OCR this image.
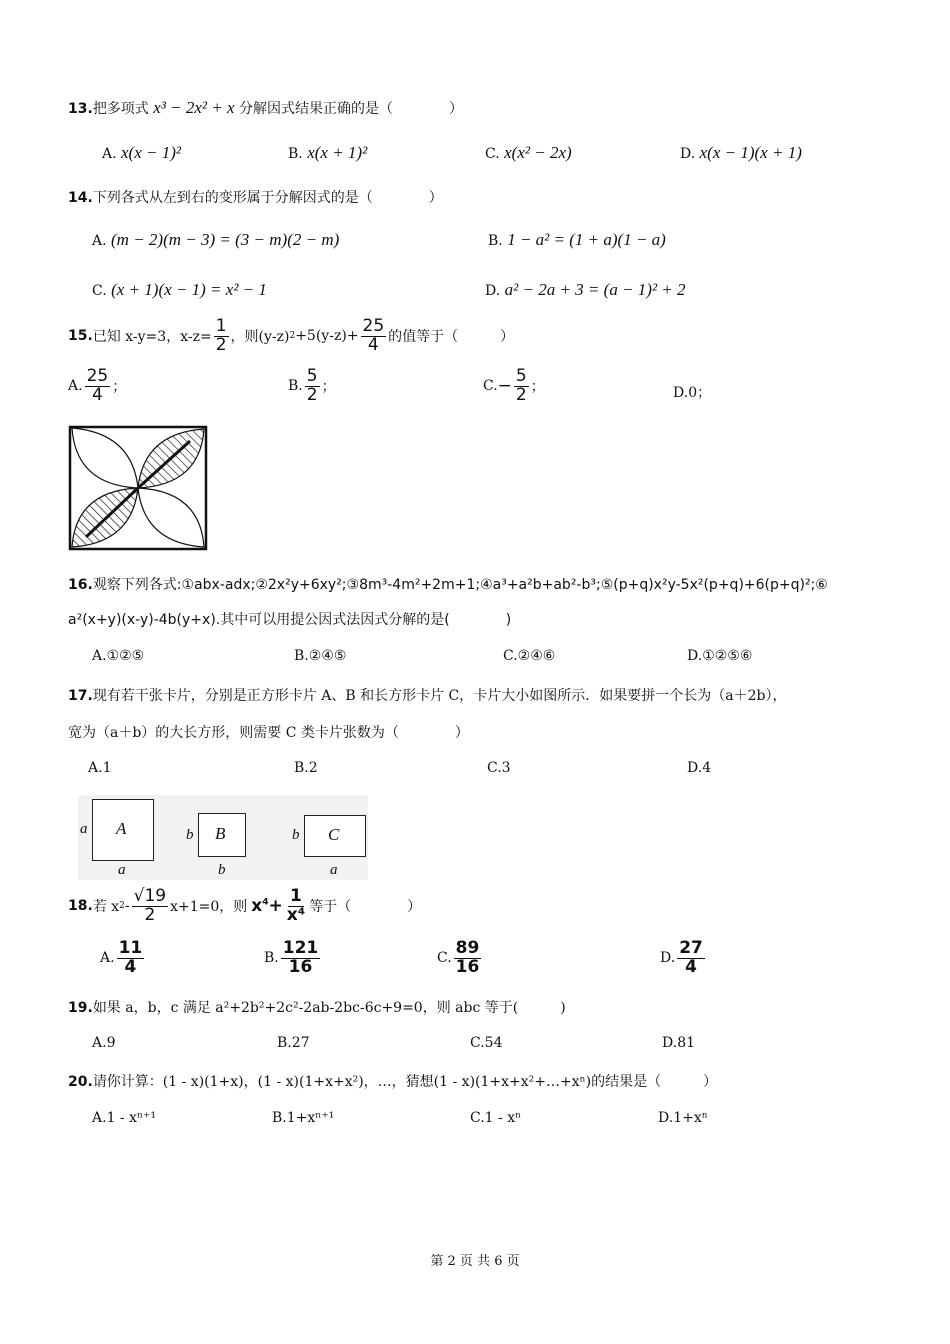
13.把多项式 x³ − 2x² + x 分解因式结果正确的是（　　　　）
A. x(x − 1)²	B. x(x + 1)²	C. x(x² − 2x)	D. x(x − 1)(x + 1)
14.下列各式从左到右的变形属于分解因式的是（　　　　）
A. (m − 2)(m − 3) = (3 − m)(2 − m)	B. 1 − a² = (1 + a)(1 − a)
C. (x + 1)(x − 1) = x² − 1	D. a² − 2a + 3 = (a − 1)² + 2
15. 已知 x-y=3，$x-z= \frac{1}{2}$ ，则(y-z) $2 +5(y-z)+ \frac{25}{4}$ 的值等于（　　　）
A. $\frac{25}{4}$ ；	B. $\frac{5}{2}$ ；	C. − $\frac{5}{2}$ ；	D.0；
16.观察下列各式:①abx-adx;②2x²y+6xy²;③8m³-4m²+2m+1;④a³+a²b+ab²-b³;⑤(p+q)x²y-5x²(p+q)+6(p+q)²;⑥
a²(x+y)(x-y)-4b(y+x).其中可以用提公因式法因式分解的是(　　　　)
A.①②⑤	B.②④⑤	C.②④⑥	D.①②⑤⑥
17.现有若干张卡片，分别是正方形卡片 A、B 和长方形卡片 C，卡片大小如图所示．如果要拼一个长为（a＋2b），
宽为（a＋b）的大长方形，则需要 C 类卡片张数为（　　　　）
A.1	B.2	C.3	D.4
A
a
a
B
b
b
C
b
a
18. 若 x $2 - \frac{√19}{2} x+1=0$，则 $x^4 + \frac{1}{\text{x⁴}}$ 等于（　　　　）
A. $\frac{11}{4}$	B. $\frac{121}{16}$	C. $\frac{89}{16}$	D. $\frac{27}{4}$
19.如果 a，b，c 满足 a²+2b²+2c²-2ab-2bc-6c+9=0，则 abc 等于(　　　)
A.9	B.27	C.54	D.81
20.请你计算：(1 - x)(1+x)，(1 - x)(1+x+x²)，…，猜想(1 - x)(1+x+x²+…+xⁿ)的结果是（　　　）
A.1 - xⁿ⁺¹	B.1+xⁿ⁺¹	C.1 - xⁿ	D.1+xⁿ
第 2 页 共 6 页
